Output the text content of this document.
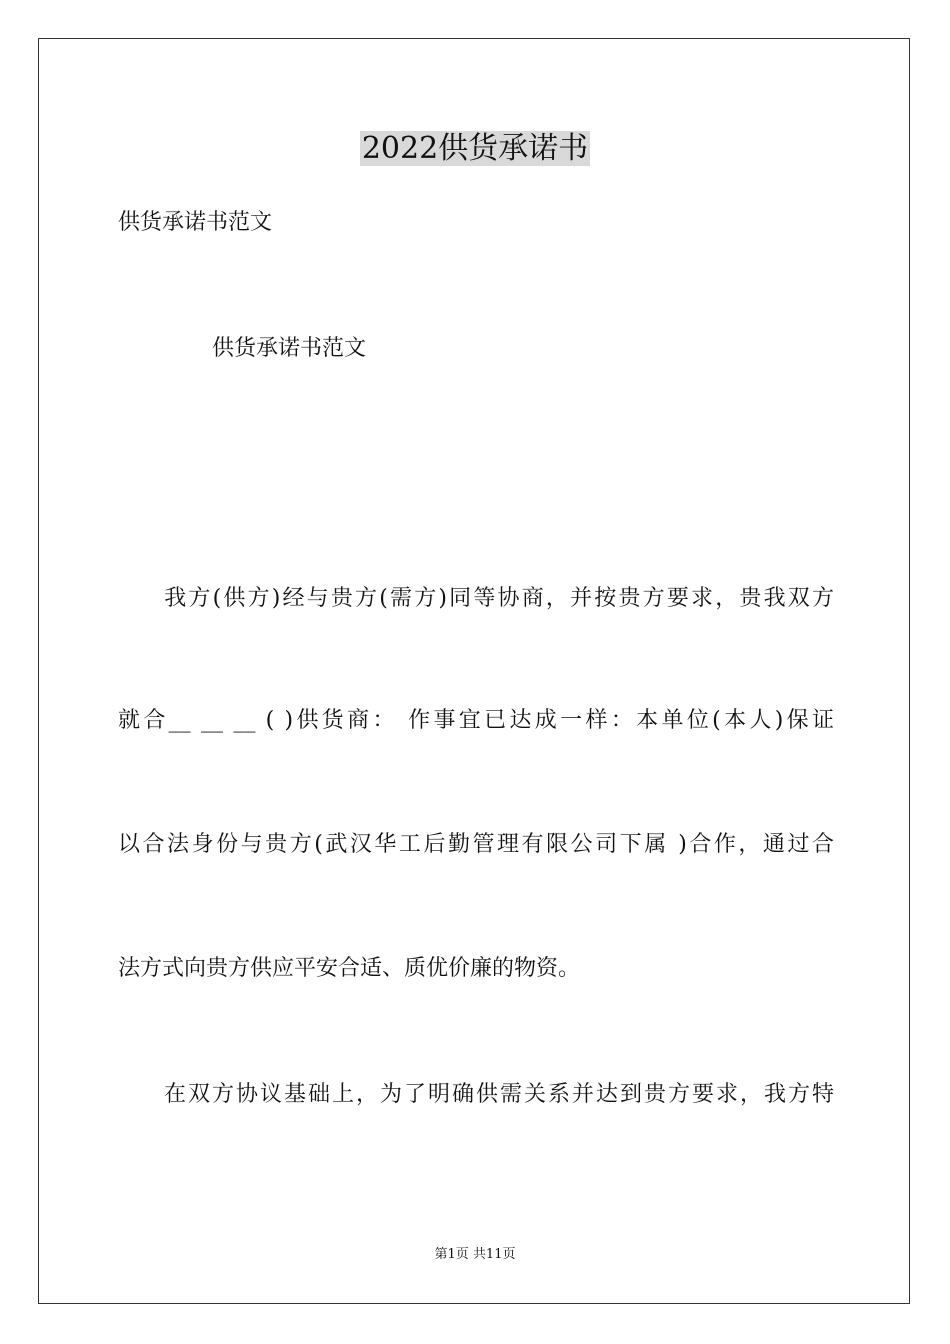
2022供货承诺书
供货承诺书范文
供货承诺书范文
我方(供方)经与贵方(需方)同等协商，并按贵方要求，贵我双方
就合__ __ __ ( )供货商： 作事宜已达成一样：本单位(本人)保证
以合法身份与贵方(武汉华工后勤管理有限公司下属 )合作，通过合
法方式向贵方供应平安合适、质优价廉的物资。
在双方协议基础上，为了明确供需关系并达到贵方要求，我方特
第1页 共11页
